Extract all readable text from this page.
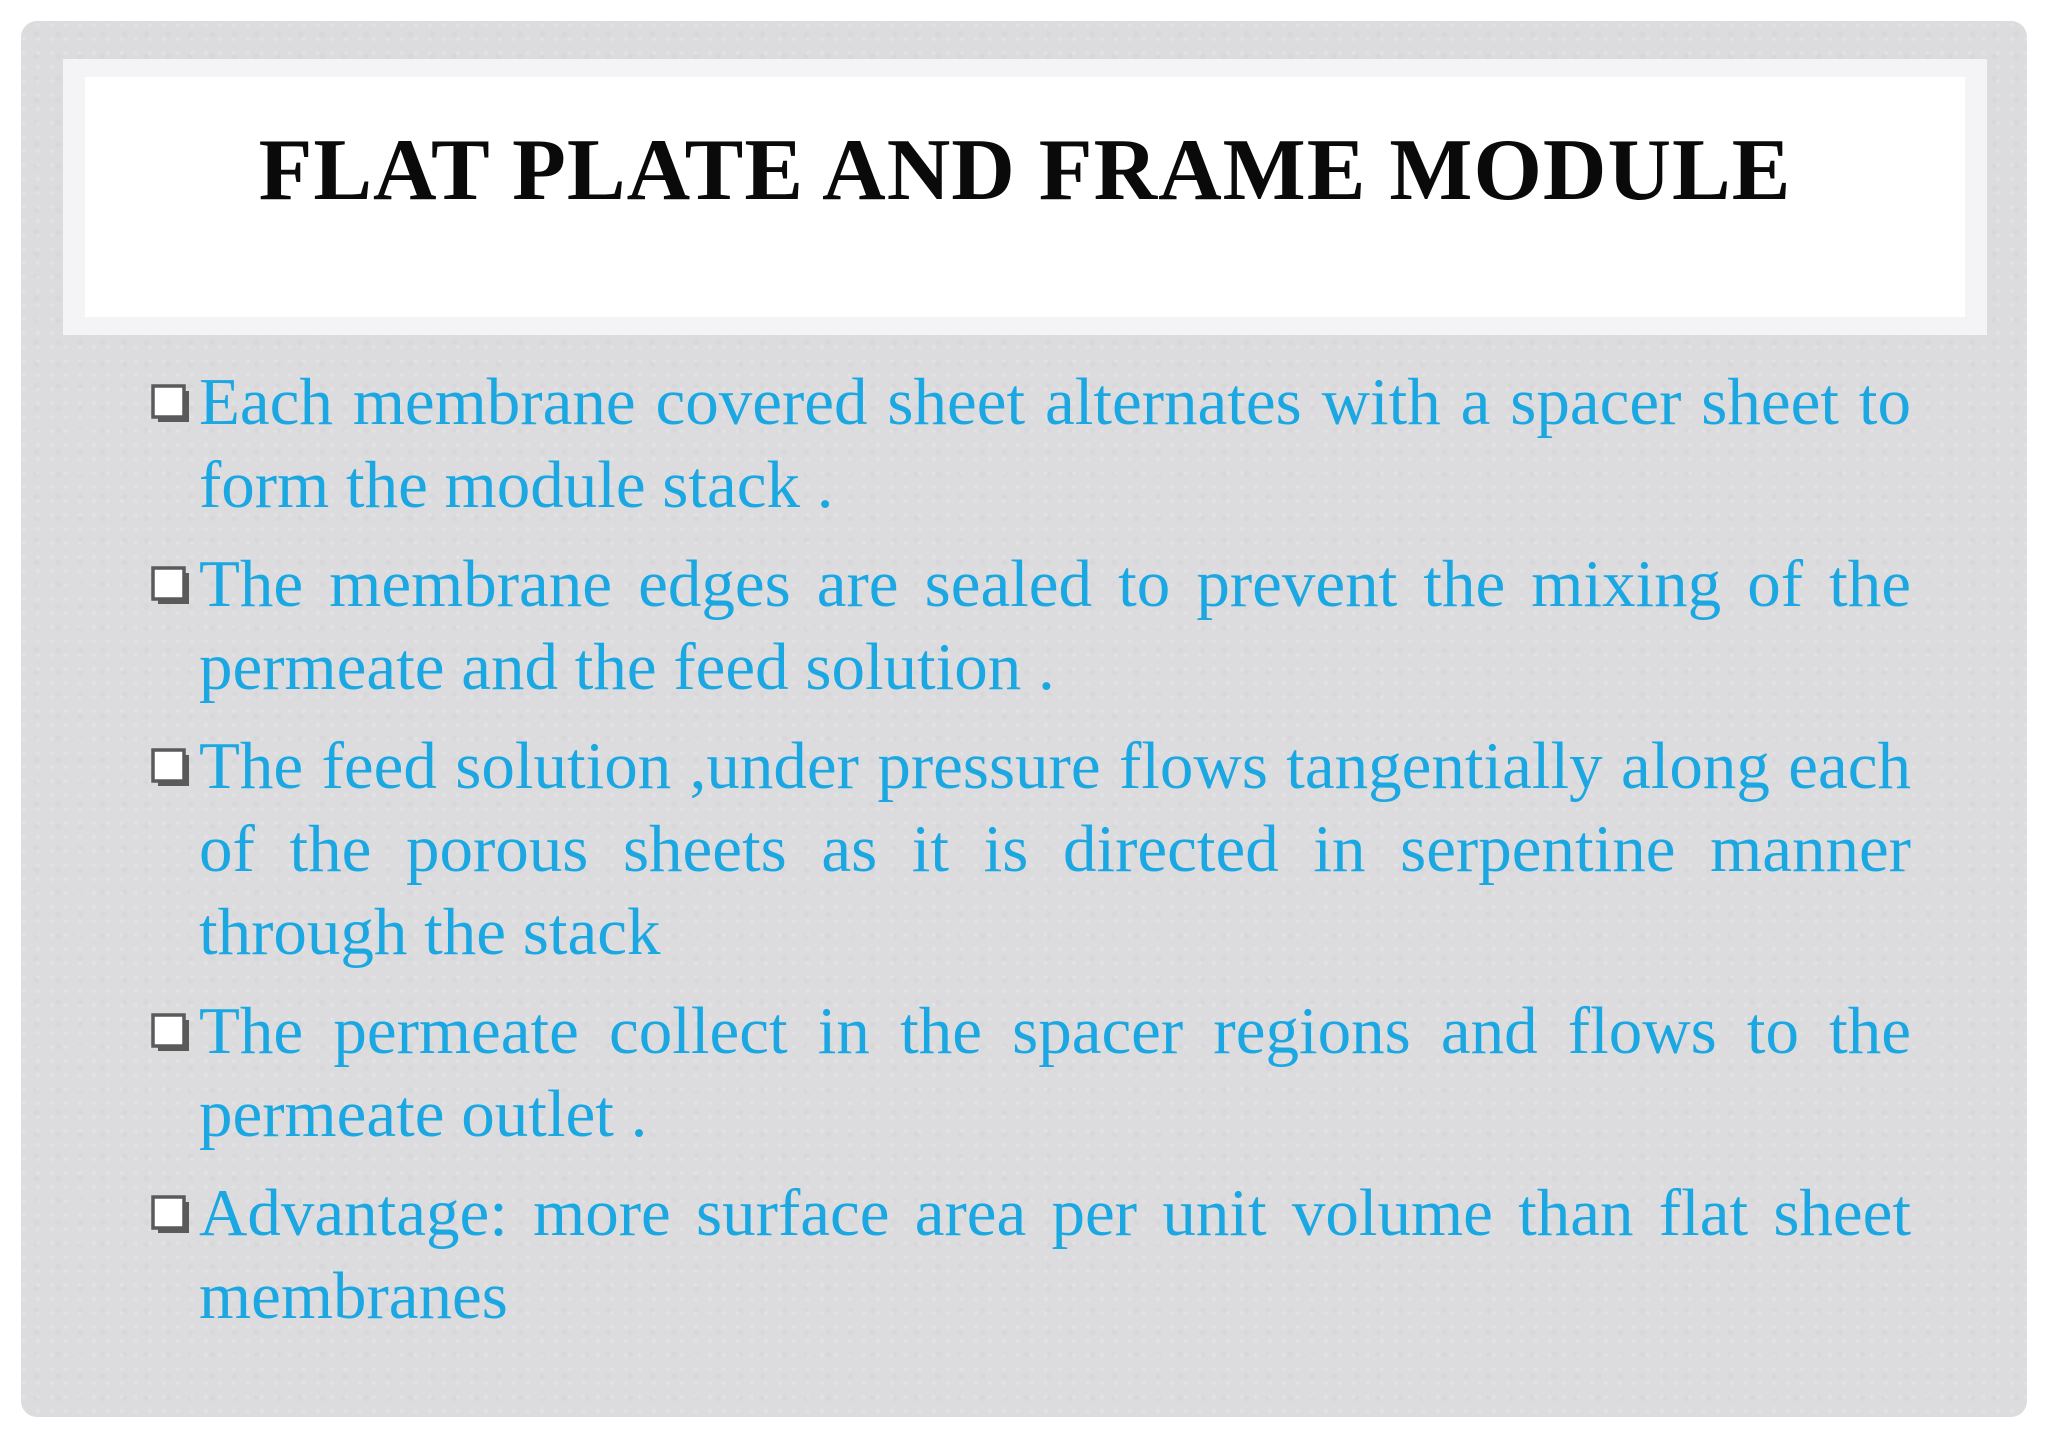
FLAT PLATE AND FRAME MODULE
Each membrane covered sheet alternates with a spacer sheet to form the module stack .
The membrane edges are sealed to prevent the mixing of the permeate and the feed solution .
The feed solution ,under pressure flows tangentially along each of the porous sheets as it is directed in serpentine manner through the stack
The permeate collect in the spacer regions and flows to the permeate outlet .
Advantage: more surface area per unit volume than flat sheet membranes
